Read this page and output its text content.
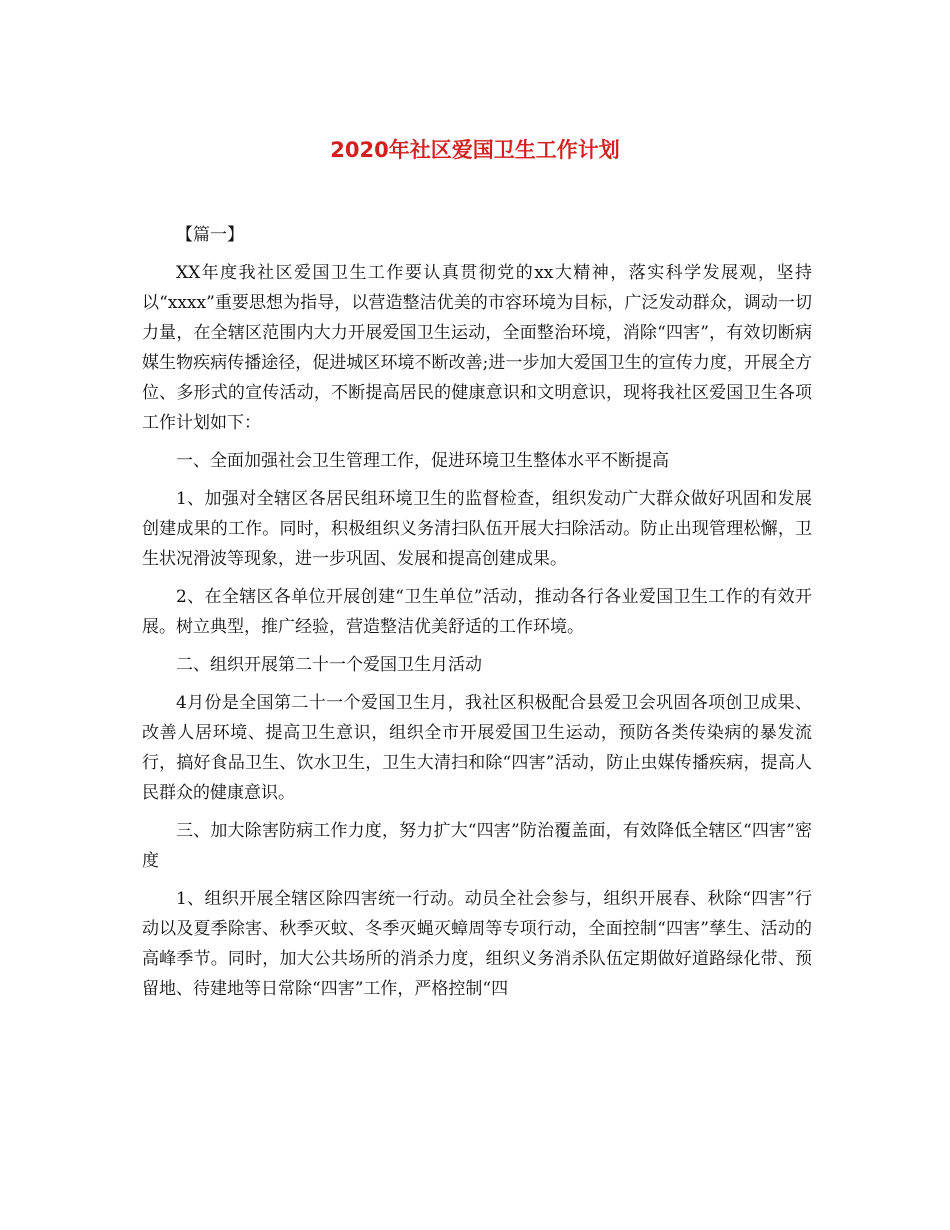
2020年社区爱国卫生工作计划

【篇一】

XX年度我社区爱国卫生工作要认真贯彻党的xx大精神，落实科学发展观，坚持以“xxxx”重要思想为指导，以营造整洁优美的市容环境为目标，广泛发动群众，调动一切力量，在全辖区范围内大力开展爱国卫生运动，全面整治环境，消除“四害”，有效切断病媒生物疾病传播途径，促进城区环境不断改善;进一步加大爱国卫生的宣传力度，开展全方位、多形式的宣传活动，不断提高居民的健康意识和文明意识，现将我社区爱国卫生各项工作计划如下：

一、全面加强社会卫生管理工作，促进环境卫生整体水平不断提高

1、加强对全辖区各居民组环境卫生的监督检查，组织发动广大群众做好巩固和发展创建成果的工作。同时，积极组织义务清扫队伍开展大扫除活动。防止出现管理松懈，卫生状况滑波等现象，进一步巩固、发展和提高创建成果。

2、在全辖区各单位开展创建“卫生单位”活动，推动各行各业爱国卫生工作的有效开展。树立典型，推广经验，营造整洁优美舒适的工作环境。

二、组织开展第二十一个爱国卫生月活动

4月份是全国第二十一个爱国卫生月，我社区积极配合县爱卫会巩固各项创卫成果、改善人居环境、提高卫生意识，组织全市开展爱国卫生运动，预防各类传染病的暴发流行，搞好食品卫生、饮水卫生，卫生大清扫和除“四害”活动，防止虫媒传播疾病，提高人民群众的健康意识。

三、加大除害防病工作力度，努力扩大“四害”防治覆盖面，有效降低全辖区“四害”密度

1、组织开展全辖区除四害统一行动。动员全社会参与，组织开展春、秋除“四害”行动以及夏季除害、秋季灭蚊、冬季灭蝇灭蟑周等专项行动，全面控制“四害”孳生、活动的高峰季节。同时，加大公共场所的消杀力度，组织义务消杀队伍定期做好道路绿化带、预留地、待建地等日常除“四害”工作，严格控制“四
